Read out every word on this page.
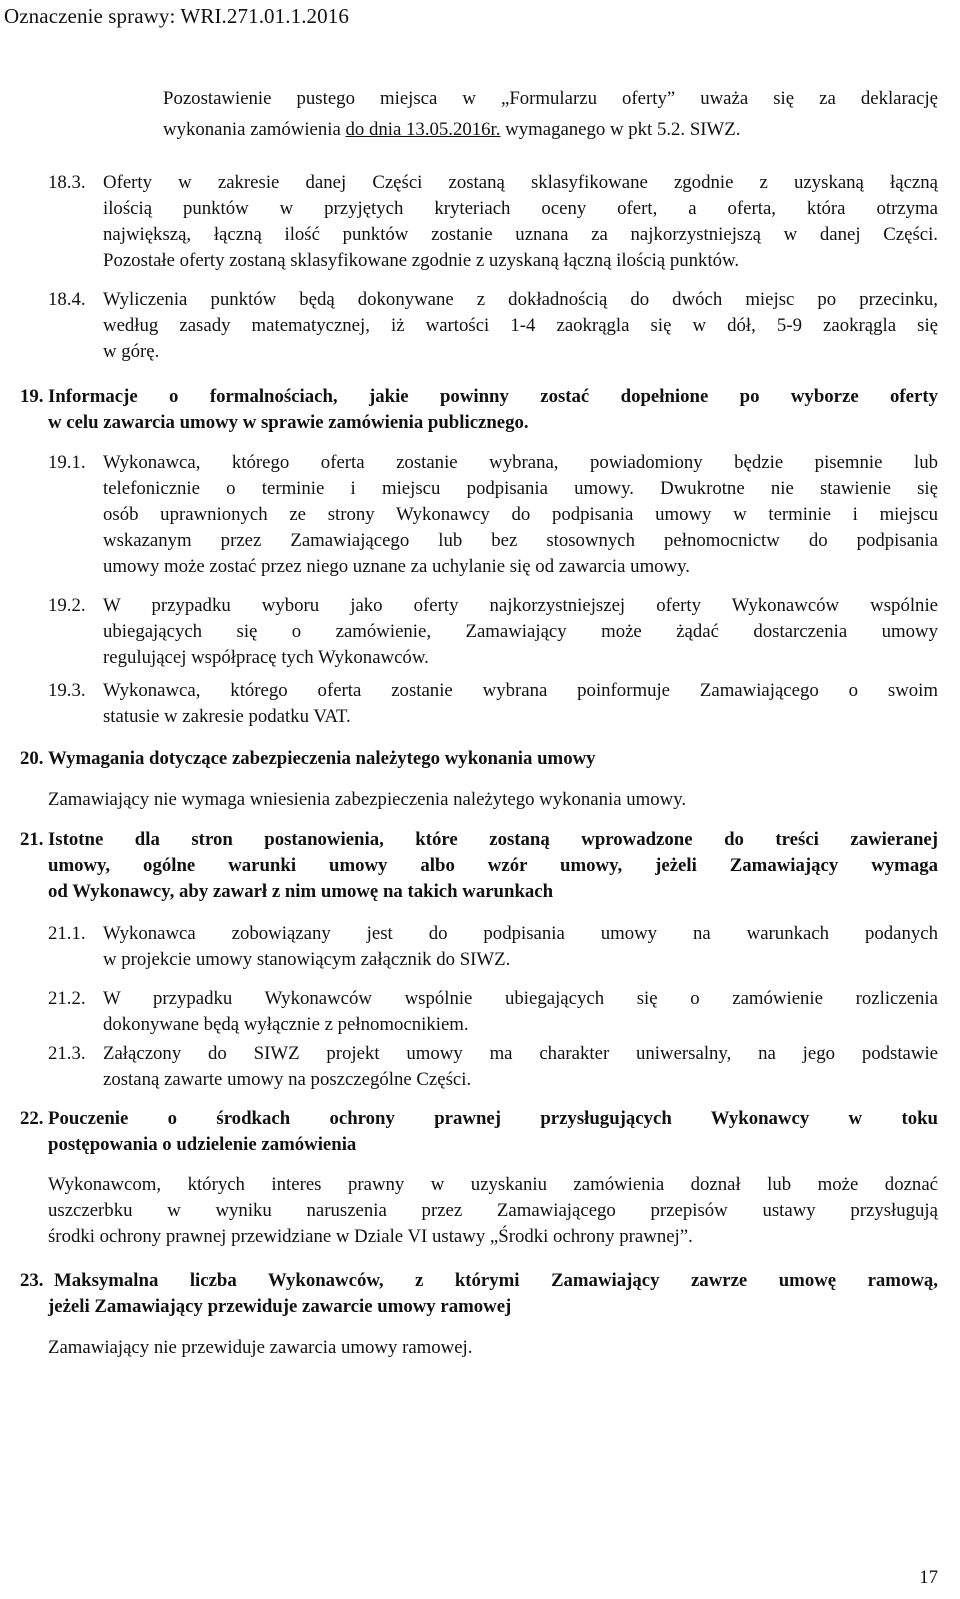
Oznaczenie sprawy: WRI.271.01.1.2016
Pozostawienie pustego miejsca w „Formularzu oferty” uważa się za deklarację
wykonania zamówienia do dnia 13.05.2016r. wymaganego w pkt 5.2. SIWZ.
18.3. Oferty w zakresie danej Części zostaną sklasyfikowane zgodnie z uzyskaną łączną
ilością punktów w przyjętych kryteriach oceny ofert, a oferta, która otrzyma
największą, łączną ilość punktów zostanie uznana za najkorzystniejszą w danej Części.
Pozostałe oferty zostaną sklasyfikowane zgodnie z uzyskaną łączną ilością punktów.
18.4. Wyliczenia punktów będą dokonywane z dokładnością do dwóch miejsc po przecinku,
według zasady matematycznej, iż wartości 1-4 zaokrągla się w dół, 5-9 zaokrągla się
w górę.
19. Informacje o formalnościach, jakie powinny zostać dopełnione po wyborze oferty
w celu zawarcia umowy w sprawie zamówienia publicznego.
19.1. Wykonawca, którego oferta zostanie wybrana, powiadomiony będzie pisemnie lub
telefonicznie o terminie i miejscu podpisania umowy. Dwukrotne nie stawienie się
osób uprawnionych ze strony Wykonawcy do podpisania umowy w terminie i miejscu
wskazanym przez Zamawiającego lub bez stosownych pełnomocnictw do podpisania
umowy może zostać przez niego uznane za uchylanie się od zawarcia umowy.
19.2. W przypadku wyboru jako oferty najkorzystniejszej oferty Wykonawców wspólnie
ubiegających się o zamówienie, Zamawiający może żądać dostarczenia umowy
regulującej współpracę tych Wykonawców.
19.3. Wykonawca, którego oferta zostanie wybrana poinformuje Zamawiającego o swoim
statusie w zakresie podatku VAT.
20. Wymagania dotyczące zabezpieczenia należytego wykonania umowy
Zamawiający nie wymaga wniesienia zabezpieczenia należytego wykonania umowy.
21. Istotne dla stron postanowienia, które zostaną wprowadzone do treści zawieranej
umowy, ogólne warunki umowy albo wzór umowy, jeżeli Zamawiający wymaga
od Wykonawcy, aby zawarł z nim umowę na takich warunkach
21.1. Wykonawca zobowiązany jest do podpisania umowy na warunkach podanych
w projekcie umowy stanowiącym załącznik do SIWZ.
21.2. W przypadku Wykonawców wspólnie ubiegających się o zamówienie rozliczenia
dokonywane będą wyłącznie z pełnomocnikiem.
21.3. Załączony do SIWZ projekt umowy ma charakter uniwersalny, na jego podstawie
zostaną zawarte umowy na poszczególne Części.
22. Pouczenie o środkach ochrony prawnej przysługujących Wykonawcy w toku
postępowania o udzielenie zamówienia
Wykonawcom, których interes prawny w uzyskaniu zamówienia doznał lub może doznać
uszczerbku w wyniku naruszenia przez Zamawiającego przepisów ustawy przysługują
środki ochrony prawnej przewidziane w Dziale VI ustawy „Środki ochrony prawnej”.
23. Maksymalna liczba Wykonawców, z którymi Zamawiający zawrze umowę ramową,
jeżeli Zamawiający przewiduje zawarcie umowy ramowej
Zamawiający nie przewiduje zawarcia umowy ramowej.
17
